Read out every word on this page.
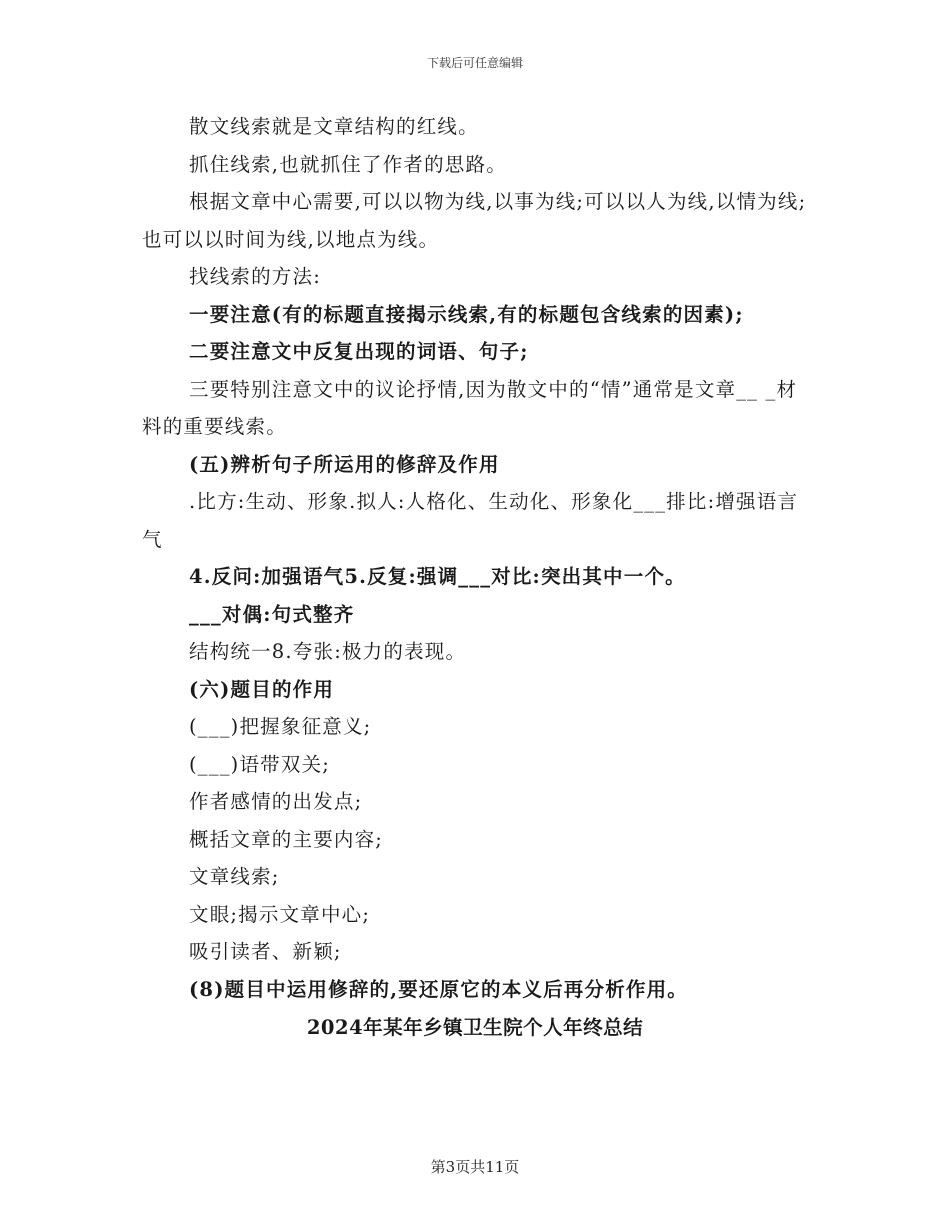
下载后可任意编辑

散文线索就是文章结构的红线。

抓住线索,也就抓住了作者的思路。

根据文章中心需要,可以以物为线,以事为线;可以以人为线,以情为线;也可以以时间为线,以地点为线。

找线索的方法:

一要注意(有的标题直接揭示线索,有的标题包含线索的因素);

二要注意文中反复出现的词语、句子;

三要特别注意文中的议论抒情,因为散文中的“情”通常是文章__ _材料的重要线索。

(五)辨析句子所运用的修辞及作用

.比方:生动、形象.拟人:人格化、生动化、形象化___排比:增强语言气

4.反问:加强语气5.反复:强调___对比:突出其中一个。

___对偶:句式整齐

结构统一8.夸张:极力的表现。

(六)题目的作用

(___)把握象征意义;

(___)语带双关;

作者感情的出发点;

概括文章的主要内容;

文章线索;

文眼;揭示文章中心;

吸引读者、新颖;

(8)题目中运用修辞的,要还原它的本义后再分析作用。

2024年某年乡镇卫生院个人年终总结
第3页共11页
